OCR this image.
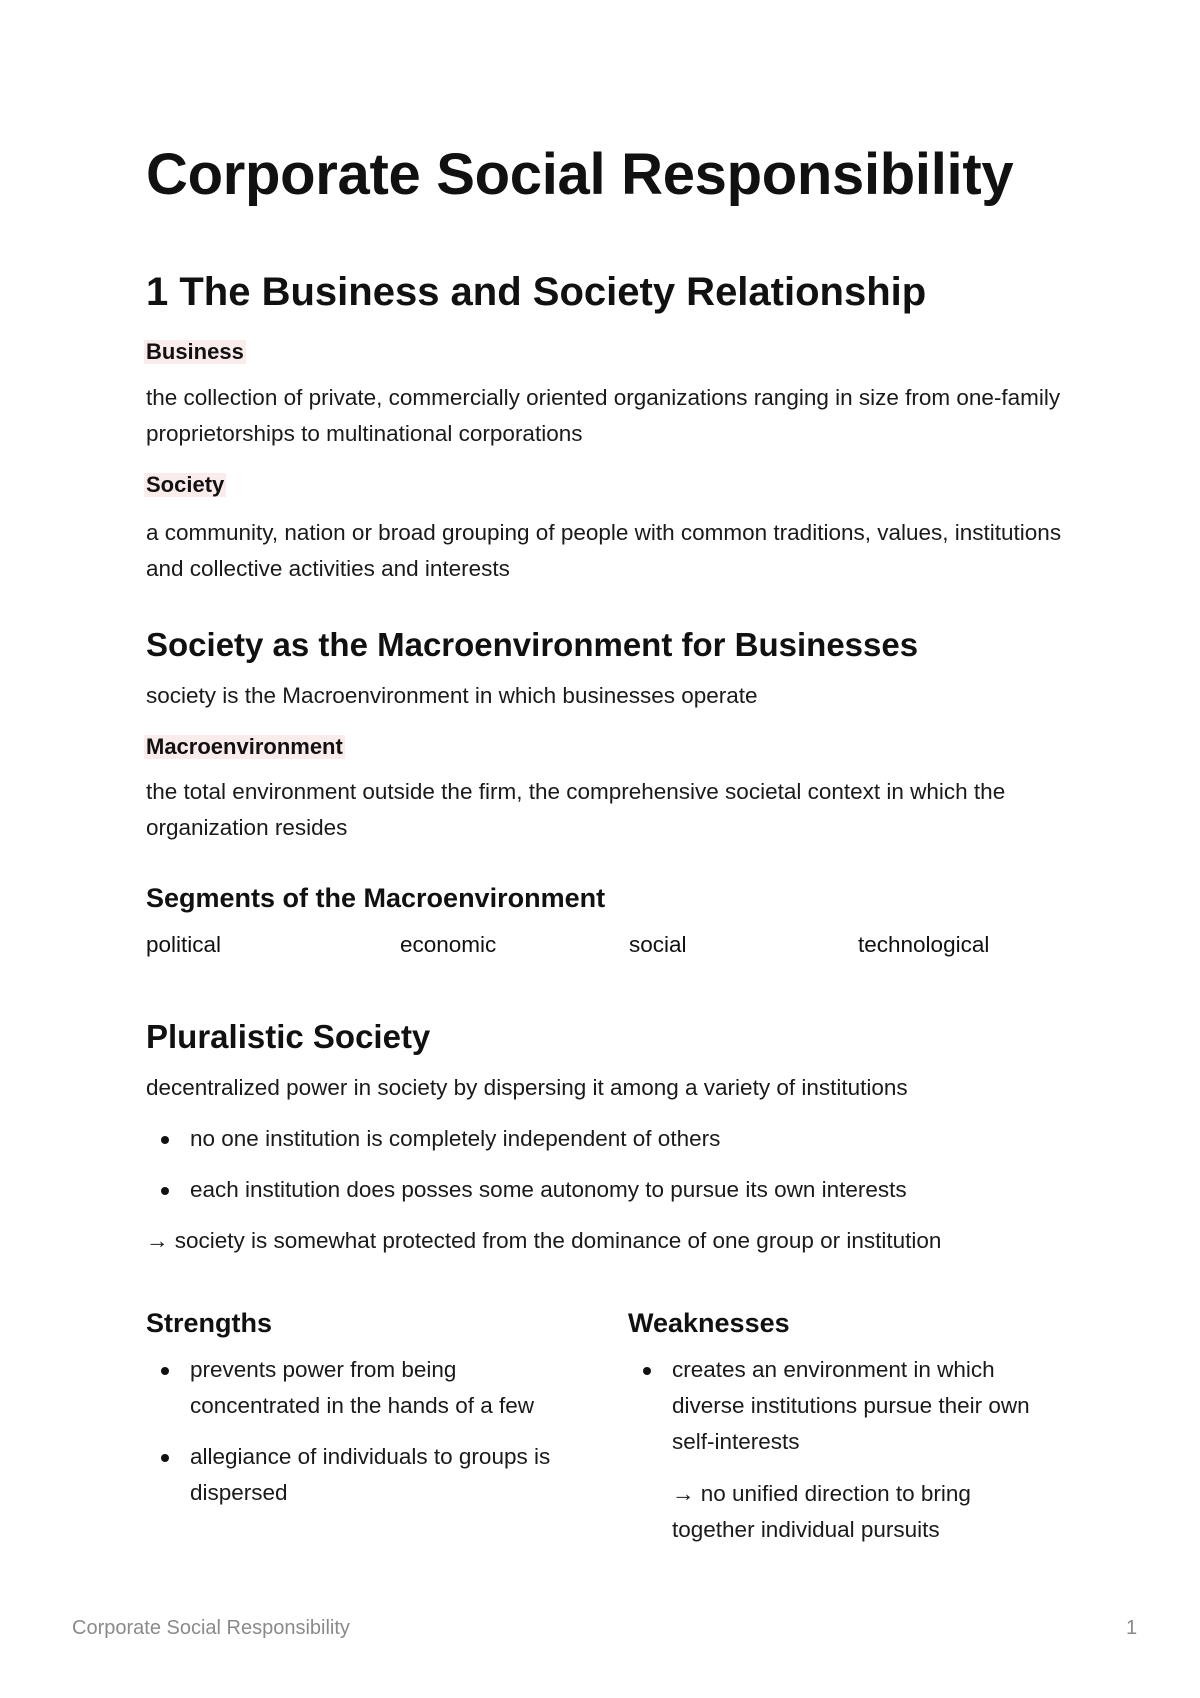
Corporate Social Responsibility
1 The Business and Society Relationship
Business

the collection of private, commercially oriented organizations ranging in size from one-family proprietorships to multinational corporations

Society

a community, nation or broad grouping of people with common traditions, values, institutions and collective activities and interests

Society as the Macroenvironment for Businesses

society is the Macroenvironment in which businesses operate

Macroenvironment

the total environment outside the firm, the comprehensive societal context in which the organization resides

Segments of the Macroenvironment
political	economic	social	technological
Pluralistic Society

decentralized power in society by dispersing it among a variety of institutions

no one institution is completely independent of others
each institution does posses some autonomy to pursue its own interests
→ society is somewhat protected from the dominance of one group or institution
Strengths
prevents power from being concentrated in the hands of a few
allegiance of individuals to groups is dispersed
Weaknesses
creates an environment in which diverse institutions pursue their own self-interests
→ no unified direction to bring together individual pursuits
Corporate Social Responsibility	1
